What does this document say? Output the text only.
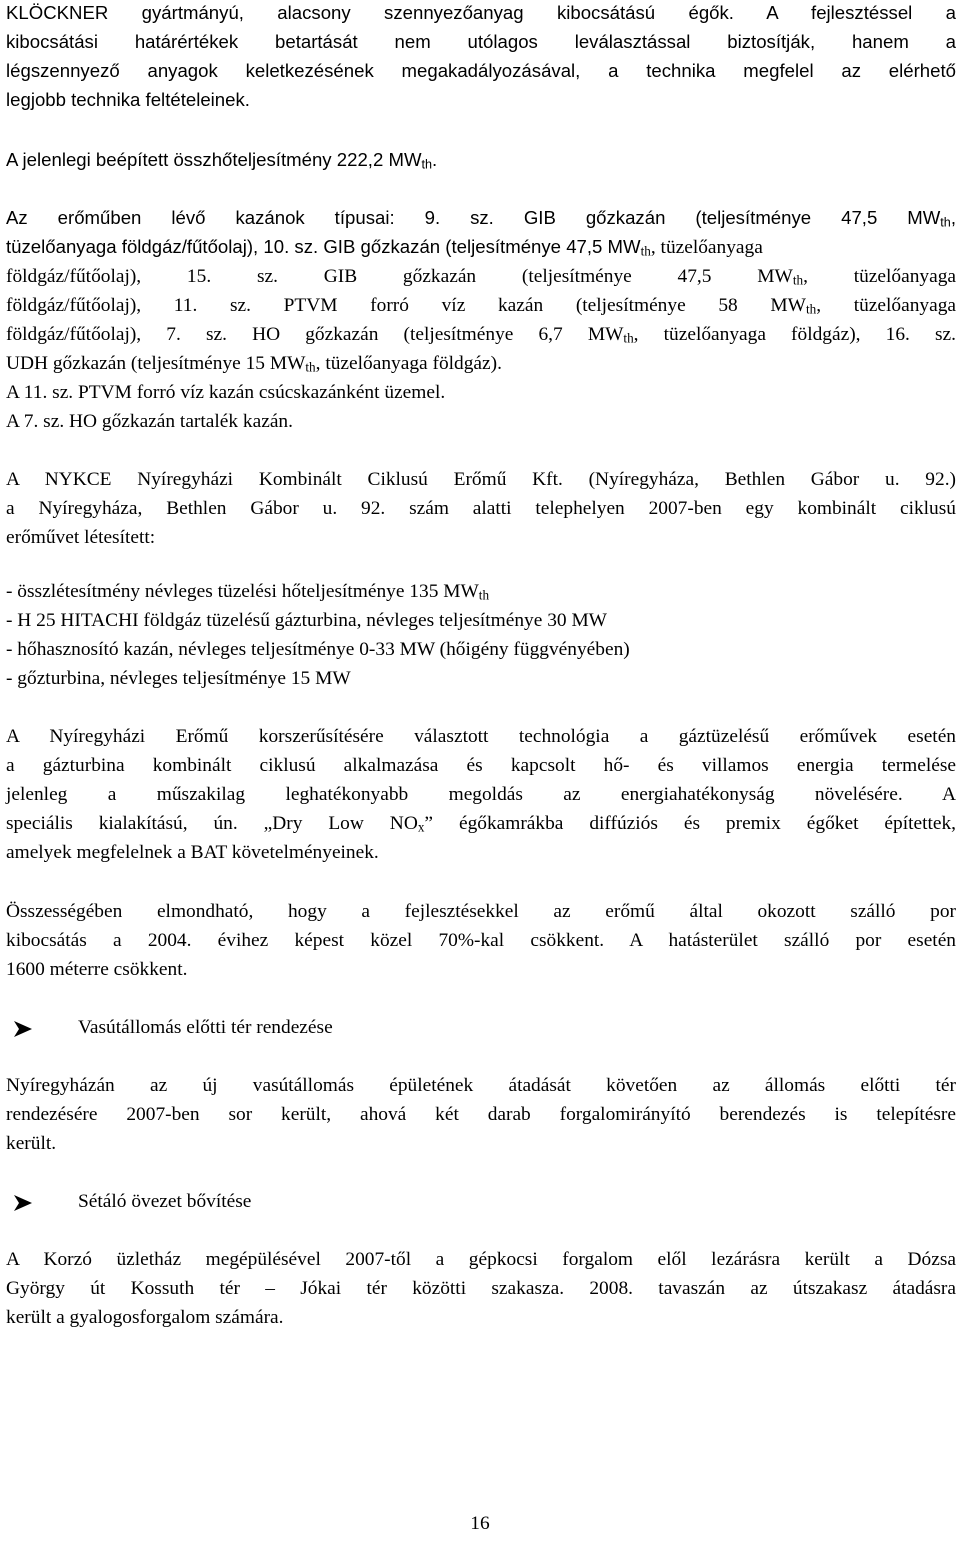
KLÖCKNER gyártmányú, alacsony szennyezőanyag kibocsátású égők. A fejlesztéssel a
kibocsátási határértékek betartását nem utólagos leválasztással biztosítják, hanem a
légszennyező anyagok keletkezésének megakadályozásával, a technika megfelel az elérhető
legjobb technika feltételeinek.

A jelenlegi beépített összhőteljesítmény 222,2 $MW_{th}$.

Az erőműben lévő kazánok típusai: 9. sz. GIB gőzkazán (teljesítménye 47,5 $MW_{th}$,
tüzelőanyaga földgáz/fűtőolaj), 10. sz. GIB gőzkazán (teljesítménye 47,5 $MW_{th}$, tüzelőanyaga
földgáz/fűtőolaj), 15. sz. GIB gőzkazán (teljesítménye 47,5 $MW_{th}$, tüzelőanyaga
földgáz/fűtőolaj), 11. sz. PTVM forró víz kazán (teljesítménye 58 $MW_{th}$, tüzelőanyaga
földgáz/fűtőolaj), 7. sz. HO gőzkazán (teljesítménye 6,7 $MW_{th}$, tüzelőanyaga földgáz), 16. sz.
UDH gőzkazán (teljesítménye 15 $MW_{th}$, tüzelőanyaga földgáz).
A 11. sz. PTVM forró víz kazán csúcskazánként üzemel.
A 7. sz. HO gőzkazán tartalék kazán.

A NYKCE Nyíregyházi Kombinált Ciklusú Erőmű Kft. (Nyíregyháza, Bethlen Gábor u. 92.)
a Nyíregyháza, Bethlen Gábor u. 92. szám alatti telephelyen 2007-ben egy kombinált ciklusú
erőművet létesített:

- összlétesítmény névleges tüzelési hőteljesítménye 135 $MW_{th}$
- H 25 HITACHI földgáz tüzelésű gázturbina, névleges teljesítménye 30 MW
- hőhasznosító kazán, névleges teljesítménye 0-33 MW (hőigény függvényében)
- gőzturbina, névleges teljesítménye 15 MW

A Nyíregyházi Erőmű korszerűsítésére választott technológia a gáztüzelésű erőművek esetén
a gázturbina kombinált ciklusú alkalmazása és kapcsolt hő- és villamos energia termelése
jelenleg a műszakilag leghatékonyabb megoldás az energiahatékonyság növelésére. A
speciális kialakítású, ún. „Dry Low $NO_x$” égőkamrákba diffúziós és premix égőket építettek,
amelyek megfelelnek a BAT követelményeinek.

Összességében elmondható, hogy a fejlesztésekkel az erőmű által okozott szálló por
kibocsátás a 2004. évihez képest közel 70%-kal csökkent. A hatásterület szálló por esetén
1600 méterre csökkent.

Vasútállomás előtti tér rendezése

Nyíregyházán az új vasútállomás épületének átadását követően az állomás előtti tér
rendezésére 2007-ben sor került, ahová két darab forgalomirányító berendezés is telepítésre
került.

Sétáló övezet bővítése

A Korzó üzletház megépülésével 2007-től a gépkocsi forgalom elől lezárásra került a Dózsa
György út Kossuth tér – Jókai tér közötti szakasza. 2008. tavaszán az útszakasz átadásra
került a gyalogosforgalom számára.

16
